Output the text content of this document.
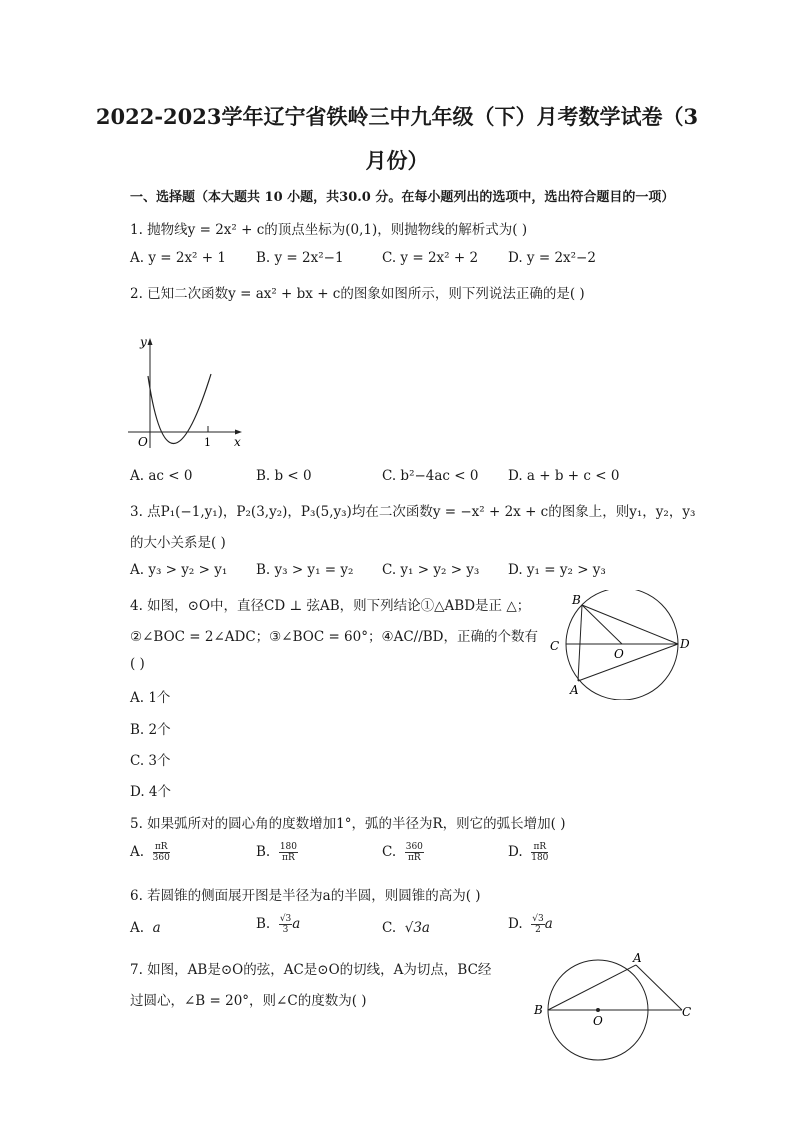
2022-2023学年辽宁省铁岭三中九年级（下）月考数学试卷（3
月份）
一、选择题（本大题共 10 小题，共30.0 分。在每小题列出的选项中，选出符合题目的一项）
1. 抛物线y = 2x² + c的顶点坐标为(0,1)，则抛物线的解析式为( )
A. y = 2x² + 1 B. y = 2x²−1	C. y = 2x² + 2 D. y = 2x²−2
2. 已知二次函数y = ax² + bx + c的图象如图所示，则下列说法正确的是( )
y
x
O	1
A. ac < 0	B. b < 0	C. b²−4ac < 0 D. a + b + c < 0
3. 点P₁(−1,y₁)，P₂(3,y₂)，P₃(5,y₃)均在二次函数y = −x² + 2x + c的图象上，则y₁，y₂，y₃
的大小关系是( )
A. y₃ > y₂ > y₁ B. y₃ > y₁ = y₂ C. y₁ > y₂ > y₃ D. y₁ = y₂ > y₃
4. 如图，⊙O中，直径CD ⊥ 弦AB，则下列结论①△ABD是正 △；
②∠BOC = 2∠ADC；③∠BOC = 60°；④AC//BD，正确的个数有
( )
B
A
C	D
O
A. 1个
B. 2个
C. 3个
D. 4个
5. 如果弧所对的圆心角的度数增加1°，弧的半径为R，则它的弧长增加( )
A. $\frac{\pi R}{360}$	B. $\frac{180}{\pi R}$	C. $\frac{360}{\pi R}$	D. $\frac{\pi R}{180}$
6. 若圆锥的侧面展开图是半径为a的半圆，则圆锥的高为( )
A. a	B. $\frac{√3}{3}$ a	C. √3a	D. $\frac{√3}{2}$ a
7. 如图，AB是⊙O的弦，AC是⊙O的切线，A为切点，BC经
过圆心，∠B = 20°，则∠C的度数为( )
A
B	C
O
